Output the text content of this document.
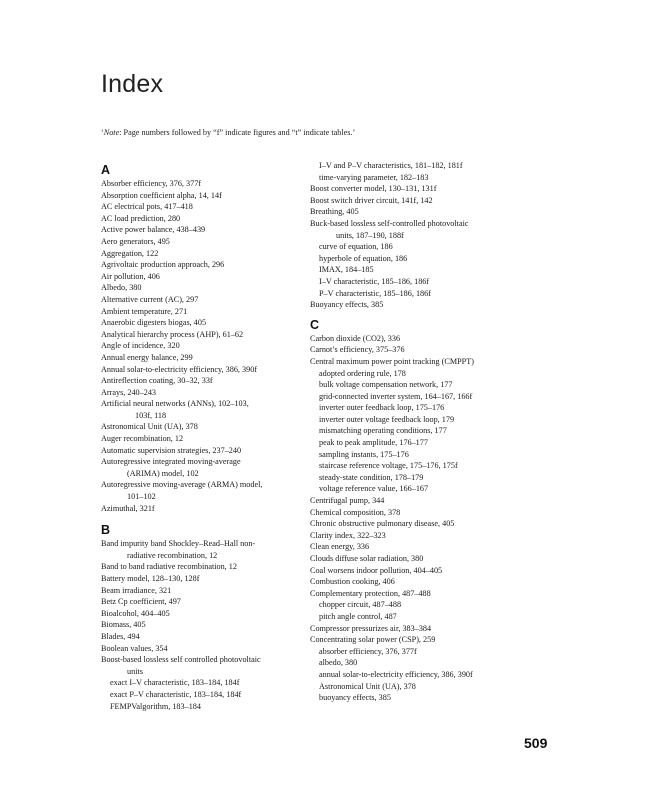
Index

‘Note: Page numbers followed by “f” indicate figures and “t” indicate tables.’

A
Absorber efficiency, 376, 377f
Absorption coefficient alpha, 14, 14f
AC electrical pots, 417–418
AC load prediction, 280
Active power balance, 438–439
Aero generators, 495
Aggregation, 122
Agrivoltaic production approach, 296
Air pollution, 406
Albedo, 380
Alternative current (AC), 297
Ambient temperature, 271
Anaerobic digesters biogas, 405
Analytical hierarchy process (AHP), 61–62
Angle of incidence, 320
Annual energy balance, 299
Annual solar-to-electricity efficiency, 386, 390f
Antireflection coating, 30–32, 33f
Arrays, 240–243
Artificial neural networks (ANNs), 102–103,
103f, 118
Astronomical Unit (UA), 378
Auger recombination, 12
Automatic supervision strategies, 237–240
Autoregressive integrated moving-average
(ARIMA) model, 102
Autoregressive moving-average (ARMA) model,
101–102
Azimuthal, 321f
B
Band impurity band Shockley–Read–Hall non-
radiative recombination, 12
Band to band radiative recombination, 12
Battery model, 128–130, 128f
Beam irradiance, 321
Betz Cp coefficient, 497
Bioalcohol, 404–405
Biomass, 405
Blades, 494
Boolean values, 354
Boost-based lossless self controlled photovoltaic
units
exact I–V characteristic, 183–184, 184f
exact P–V characteristic, 183–184, 184f
FEMPValgorithm, 183–184
I–V and P–V characteristics, 181–182, 181f
time-varying parameter, 182–183
Boost converter model, 130–131, 131f
Boost switch driver circuit, 141f, 142
Breathing, 405
Buck-based lossless self-controlled photovoltaic
units, 187–190, 188f
curve of equation, 186
hyperbole of equation, 186
IMAX, 184–185
I–V characteristic, 185–186, 186f
P–V characteristic, 185–186, 186f
Buoyancy effects, 385
C
Carbon dioxide (CO2), 336
Carnot’s efficiency, 375–376
Central maximum power point tracking (CMPPT)
adopted ordering rule, 178
bulk voltage compensation network, 177
grid-connected inverter system, 164–167, 166f
inverter outer feedback loop, 175–176
inverter outer voltage feedback loop, 179
mismatching operating conditions, 177
peak to peak amplitude, 176–177
sampling instants, 175–176
staircase reference voltage, 175–176, 175f
steady-state condition, 178–179
voltage reference value, 166–167
Centrifugal pump, 344
Chemical composition, 378
Chronic obstructive pulmonary disease, 405
Clarity index, 322–323
Clean energy, 336
Clouds diffuse solar radiation, 380
Coal worsens indoor pollution, 404–405
Combustion cooking, 406
Complementary protection, 487–488
chopper circuit, 487–488
pitch angle control, 487
Compressor pressurizes air, 383–384
Concentrating solar power (CSP), 259
absorber efficiency, 376, 377f
albedo, 380
annual solar-to-electricity efficiency, 386, 390f
Astronomical Unit (UA), 378
buoyancy effects, 385
509
